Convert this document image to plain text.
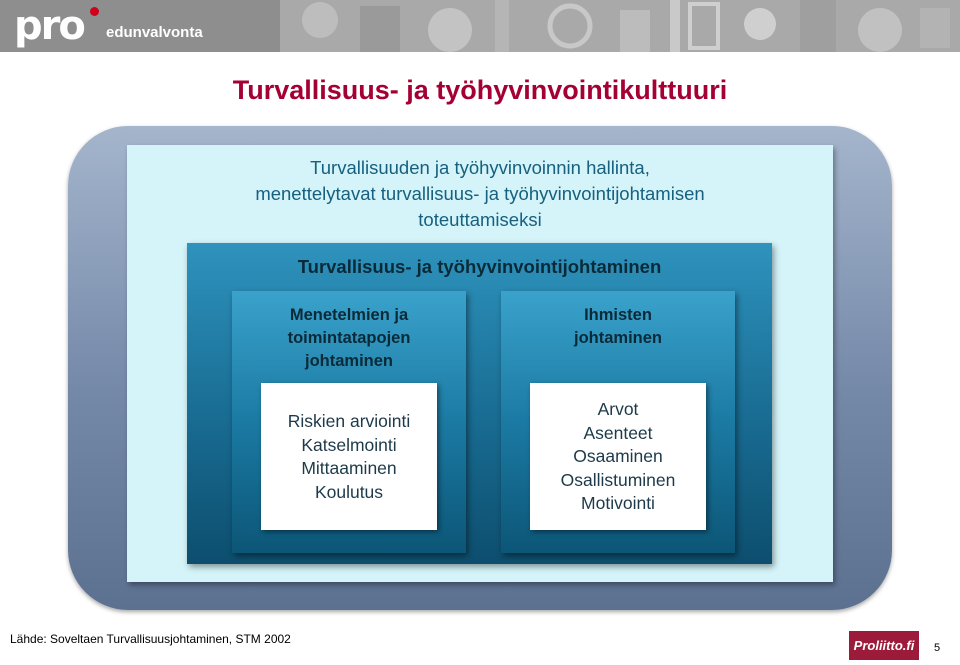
pro edunvalvonta
Turvallisuus- ja työhyvinvointikulttuuri
Turvallisuuden ja työhyvinvoinnin hallinta,
menettelytavat turvallisuus- ja työhyvinvointijohtamisen
toteuttamiseksi
Turvallisuus- ja työhyvinvointijohtaminen
Menetelmien ja
toimintatapojen
johtaminen
Ihmisten
johtaminen
Riskien arviointi
Katselmointi
Mittaaminen
Koulutus
Arvot
Asenteet
Osaaminen
Osallistuminen
Motivointi
Lähde: Soveltaen Turvallisuusjohtaminen, STM 2002	Proliitto.fi	5
